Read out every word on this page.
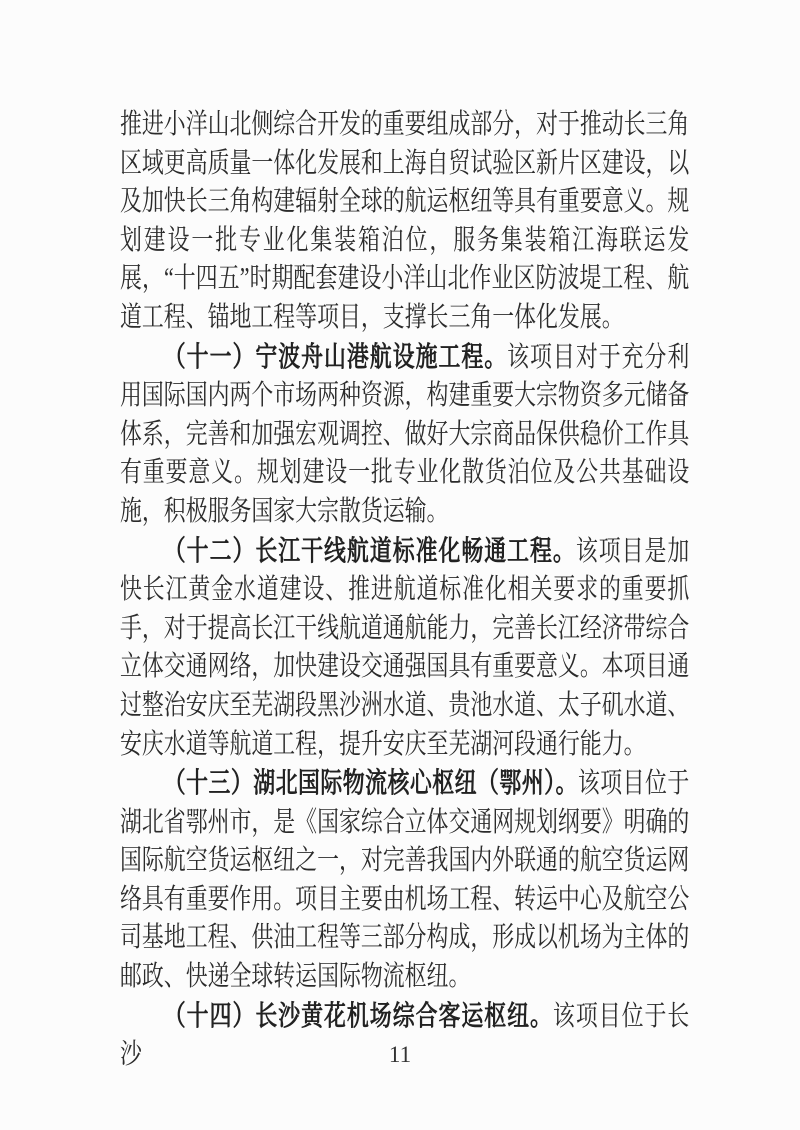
推进小洋山北侧综合开发的重要组成部分，对于推动长三角区域更高质量一体化发展和上海自贸试验区新片区建设，以及加快长三角构建辐射全球的航运枢纽等具有重要意义。规划建设一批专业化集装箱泊位，服务集装箱江海联运发展，“十四五”时期配套建设小洋山北作业区防波堤工程、航道工程、锚地工程等项目，支撑长三角一体化发展。

（十一）宁波舟山港航设施工程。该项目对于充分利用国际国内两个市场两种资源，构建重要大宗物资多元储备体系，完善和加强宏观调控、做好大宗商品保供稳价工作具有重要意义。规划建设一批专业化散货泊位及公共基础设施，积极服务国家大宗散货运输。

（十二）长江干线航道标准化畅通工程。该项目是加快长江黄金水道建设、推进航道标准化相关要求的重要抓手，对于提高长江干线航道通航能力，完善长江经济带综合立体交通网络，加快建设交通强国具有重要意义。本项目通过整治安庆至芜湖段黑沙洲水道、贵池水道、太子矶水道、安庆水道等航道工程，提升安庆至芜湖河段通行能力。

（十三）湖北国际物流核心枢纽（鄂州）。该项目位于湖北省鄂州市，是《国家综合立体交通网规划纲要》明确的国际航空货运枢纽之一，对完善我国内外联通的航空货运网络具有重要作用。项目主要由机场工程、转运中心及航空公司基地工程、供油工程等三部分构成，形成以机场为主体的邮政、快递全球转运国际物流枢纽。

（十四）长沙黄花机场综合客运枢纽。该项目位于长沙	11
